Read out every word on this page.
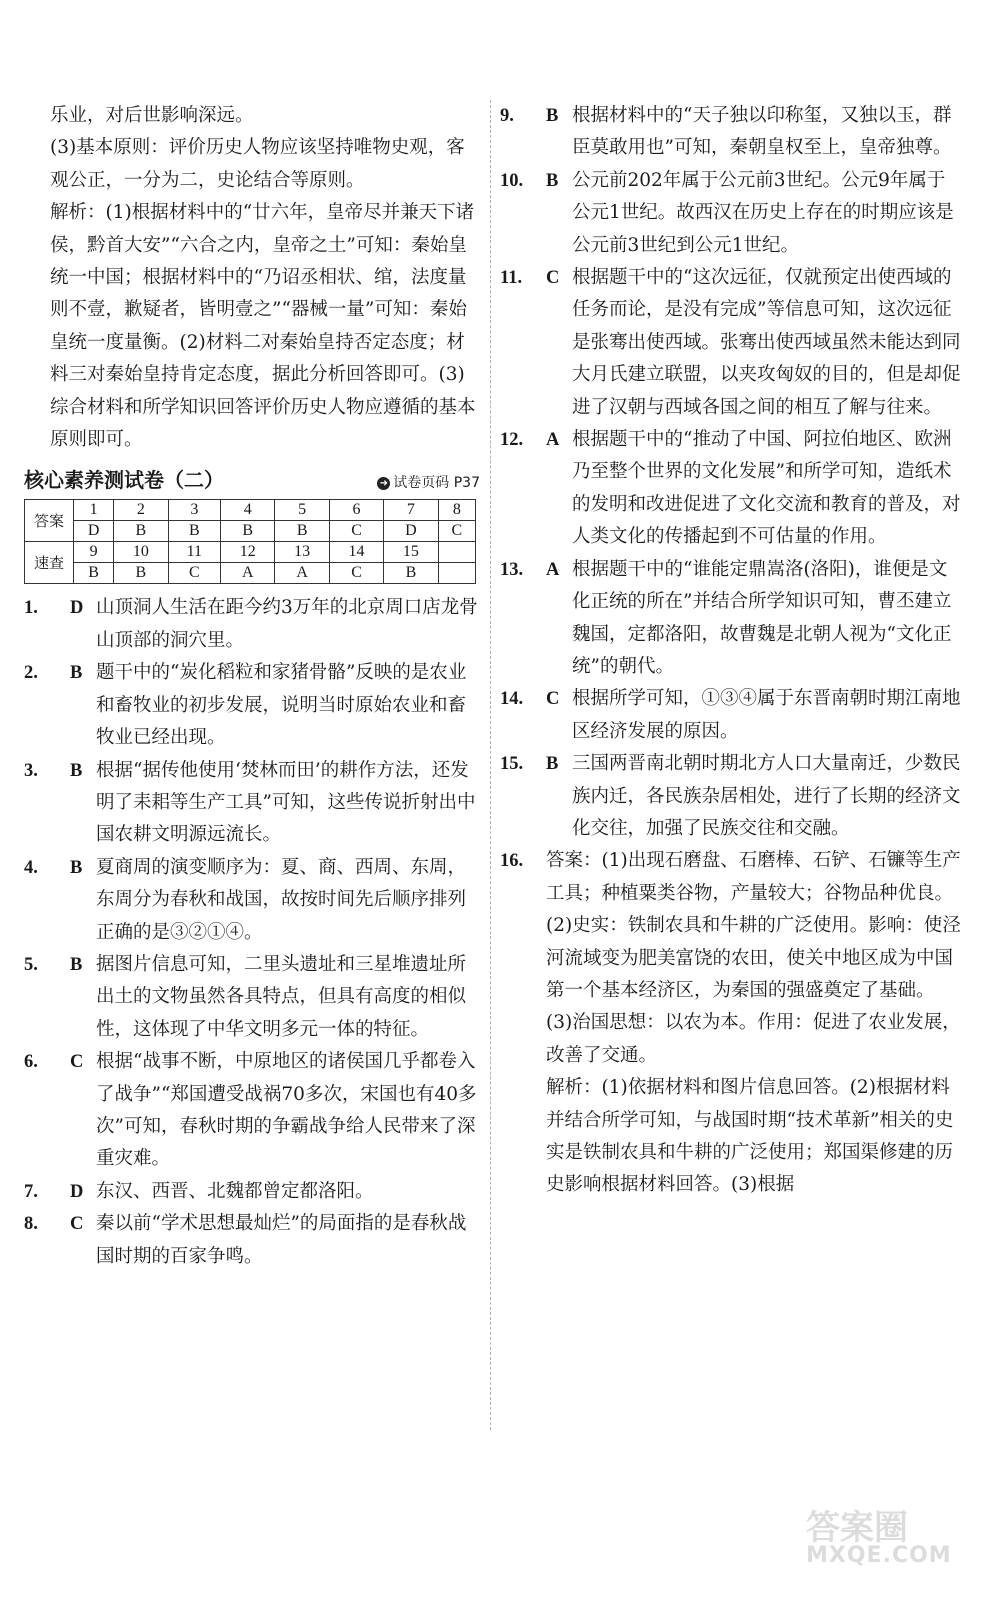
乐业，对后世影响深远。

(3)基本原则：评价历史人物应该坚持唯物史观，客观公正，一分为二，史论结合等原则。

解析：(1)根据材料中的“廿六年，皇帝尽并兼天下诸侯，黔首大安”“六合之内，皇帝之土”可知：秦始皇统一中国；根据材料中的“乃诏丞相状、绾，法度量则不壹，歉疑者，皆明壹之”“器械一量”可知：秦始皇统一度量衡。(2)材料二对秦始皇持否定态度；材料三对秦始皇持肯定态度，据此分析回答即可。(3)综合材料和所学知识回答评价历史人物应遵循的基本原则即可。

核心素养测试卷（二）	➜ 试卷页码 P37
答案	1	2	3	4	5	6	7	8
	D	B	B	B	B	C	D	C
速查	9	10	11	12	13	14	15	
	B	B	C	A	A	C	B	
1.	D 山顶洞人生活在距今约3万年的北京周口店龙骨山顶部的洞穴里。
2.	B 题干中的“炭化稻粒和家猪骨骼”反映的是农业和畜牧业的初步发展，说明当时原始农业和畜牧业已经出现。
3.	B 根据“据传他使用‘焚林而田’的耕作方法，还发明了耒耜等生产工具”可知，这些传说折射出中国农耕文明源远流长。
4.	B 夏商周的演变顺序为：夏、商、西周、东周，东周分为春秋和战国，故按时间先后顺序排列正确的是③②①④。
5.	B 据图片信息可知，二里头遗址和三星堆遗址所出土的文物虽然各具特点，但具有高度的相似性，这体现了中华文明多元一体的特征。
6.	C 根据“战事不断，中原地区的诸侯国几乎都卷入了战争”“郑国遭受战祸70多次，宋国也有40多次”可知，春秋时期的争霸战争给人民带来了深重灾难。
7.	D 东汉、西晋、北魏都曾定都洛阳。
8.	C 秦以前“学术思想最灿烂”的局面指的是春秋战国时期的百家争鸣。
9.	B 根据材料中的“天子独以印称玺，又独以玉，群臣莫敢用也”可知，秦朝皇权至上，皇帝独尊。
10.	B 公元前202年属于公元前3世纪。公元9年属于公元1世纪。故西汉在历史上存在的时期应该是公元前3世纪到公元1世纪。
11.	C 根据题干中的“这次远征，仅就预定出使西域的任务而论，是没有完成”等信息可知，这次远征是张骞出使西域。张骞出使西域虽然未能达到同大月氏建立联盟，以夹攻匈奴的目的，但是却促进了汉朝与西域各国之间的相互了解与往来。
12.	A 根据题干中的“推动了中国、阿拉伯地区、欧洲乃至整个世界的文化发展”和所学可知，造纸术的发明和改进促进了文化交流和教育的普及，对人类文化的传播起到不可估量的作用。
13.	A 根据题干中的“谁能定鼎嵩洛(洛阳)，谁便是文化正统的所在”并结合所学知识可知，曹丕建立魏国，定都洛阳，故曹魏是北朝人视为“文化正统”的朝代。
14.	C 根据所学可知，①③④属于东晋南朝时期江南地区经济发展的原因。
15.	B 三国两晋南北朝时期北方人口大量南迁，少数民族内迁，各民族杂居相处，进行了长期的经济文化交往，加强了民族交往和交融。
16.	答案：(1)出现石磨盘、石磨棒、石铲、石镰等生产工具；种植粟类谷物，产量较大；谷物品种优良。

(2)史实：铁制农具和牛耕的广泛使用。影响：使泾河流域变为肥美富饶的农田，使关中地区成为中国第一个基本经济区，为秦国的强盛奠定了基础。

(3)治国思想：以农为本。作用：促进了农业发展，改善了交通。

解析：(1)依据材料和图片信息回答。(2)根据材料并结合所学可知，与战国时期“技术革新”相关的史实是铁制农具和牛耕的广泛使用；郑国渠修建的历史影响根据材料回答。(3)根据

答案圈
MXQE.COM
